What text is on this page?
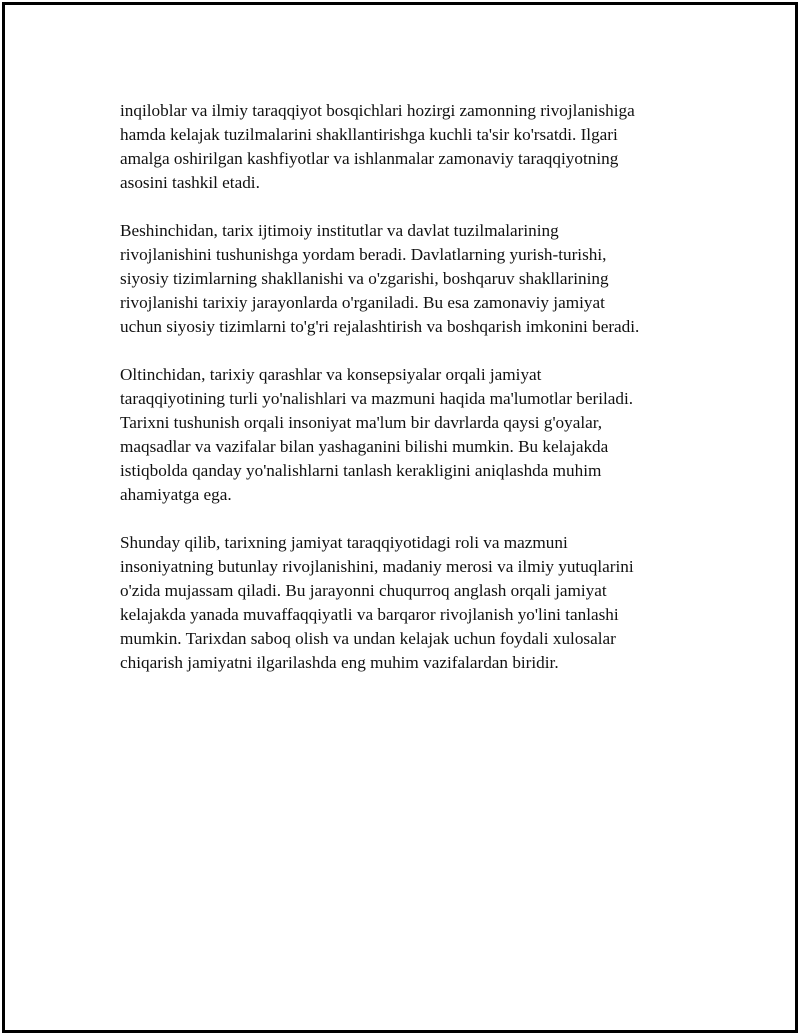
inqiloblar va ilmiy taraqqiyot bosqichlari hozirgi zamonning rivojlanishiga
hamda kelajak tuzilmalarini shakllantirishga kuchli ta'sir ko'rsatdi. Ilgari
amalga oshirilgan kashfiyotlar va ishlanmalar zamonaviy taraqqiyotning
asosini tashkil etadi.

Beshinchidan, tarix ijtimoiy institutlar va davlat tuzilmalarining
rivojlanishini tushunishga yordam beradi. Davlatlarning yurish-turishi,
siyosiy tizimlarning shakllanishi va o'zgarishi, boshqaruv shakllarining
rivojlanishi tarixiy jarayonlarda o'rganiladi. Bu esa zamonaviy jamiyat
uchun siyosiy tizimlarni to'g'ri rejalashtirish va boshqarish imkonini beradi.

Oltinchidan, tarixiy qarashlar va konsepsiyalar orqali jamiyat
taraqqiyotining turli yo'nalishlari va mazmuni haqida ma'lumotlar beriladi.
Tarixni tushunish orqali insoniyat ma'lum bir davrlarda qaysi g'oyalar,
maqsadlar va vazifalar bilan yashaganini bilishi mumkin. Bu kelajakda
istiqbolda qanday yo'nalishlarni tanlash kerakligini aniqlashda muhim
ahamiyatga ega.

Shunday qilib, tarixning jamiyat taraqqiyotidagi roli va mazmuni
insoniyatning butunlay rivojlanishini, madaniy merosi va ilmiy yutuqlarini
o'zida mujassam qiladi. Bu jarayonni chuqurroq anglash orqali jamiyat
kelajakda yanada muvaffaqqiyatli va barqaror rivojlanish yo'lini tanlashi
mumkin. Tarixdan saboq olish va undan kelajak uchun foydali xulosalar
chiqarish jamiyatni ilgarilashda eng muhim vazifalardan biridir.
